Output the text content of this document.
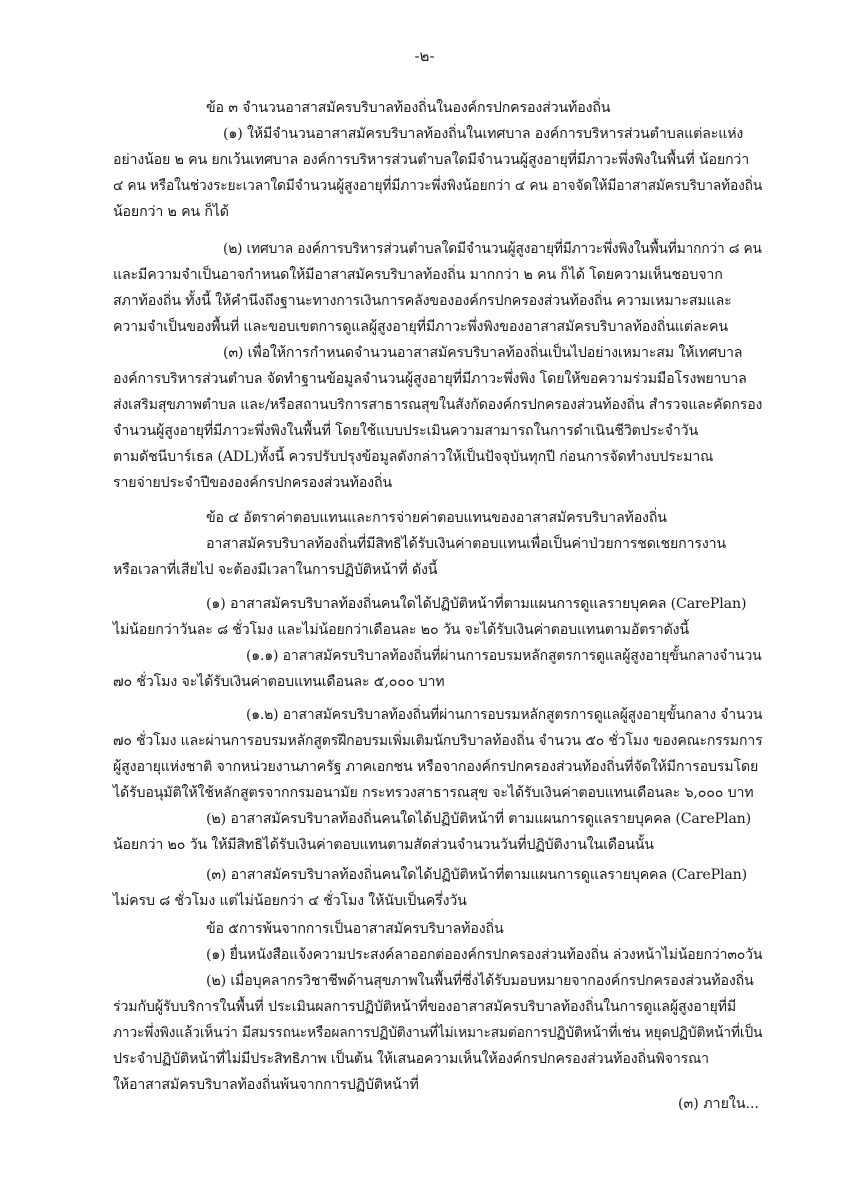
-๒-
ข้อ ๓ จำนวนอาสาสมัครบริบาลท้องถิ่นในองค์กรปกครองส่วนท้องถิ่น
(๑) ให้มีจำนวนอาสาสมัครบริบาลท้องถิ่นในเทศบาล องค์การบริหารส่วนตำบลแต่ละแห่ง
อย่างน้อย ๒ คน ยกเว้นเทศบาล องค์การบริหารส่วนตำบลใดมีจำนวนผู้สูงอายุที่มีภาวะพึ่งพิงในพื้นที่ น้อยกว่า
๔ คน หรือในช่วงระยะเวลาใดมีจำนวนผู้สูงอายุที่มีภาวะพึ่งพิงน้อยกว่า ๔ คน อาจจัดให้มีอาสาสมัครบริบาลท้องถิ่น
น้อยกว่า ๒ คน ก็ได้
(๒) เทศบาล องค์การบริหารส่วนตำบลใดมีจำนวนผู้สูงอายุที่มีภาวะพึ่งพิงในพื้นที่มากกว่า ๘ คน
และมีความจำเป็นอาจกำหนดให้มีอาสาสมัครบริบาลท้องถิ่น มากกว่า ๒ คน ก็ได้ โดยความเห็นชอบจาก
สภาท้องถิ่น ทั้งนี้ ให้คำนึงถึงฐานะทางการเงินการคลังขององค์กรปกครองส่วนท้องถิ่น ความเหมาะสมและ
ความจำเป็นของพื้นที่ และขอบเขตการดูแลผู้สูงอายุที่มีภาวะพึ่งพิงของอาสาสมัครบริบาลท้องถิ่นแต่ละคน
(๓) เพื่อให้การกำหนดจำนวนอาสาสมัครบริบาลท้องถิ่นเป็นไปอย่างเหมาะสม ให้เทศบาล
องค์การบริหารส่วนตำบล จัดทำฐานข้อมูลจำนวนผู้สูงอายุที่มีภาวะพึ่งพิง โดยให้ขอความร่วมมือโรงพยาบาล
ส่งเสริมสุขภาพตำบล และ/หรือสถานบริการสาธารณสุขในสังกัดองค์กรปกครองส่วนท้องถิ่น สำรวจและคัดกรอง
จำนวนผู้สูงอายุที่มีภาวะพึ่งพิงในพื้นที่ โดยใช้แบบประเมินความสามารถในการดำเนินชีวิตประจำวัน
ตามดัชนีบาร์เธล (ADL)ทั้งนี้ ควรปรับปรุงข้อมูลดังกล่าวให้เป็นปัจจุบันทุกปี ก่อนการจัดทำงบประมาณ
รายจ่ายประจำปีขององค์กรปกครองส่วนท้องถิ่น
ข้อ ๔ อัตราค่าตอบแทนและการจ่ายค่าตอบแทนของอาสาสมัครบริบาลท้องถิ่น
อาสาสมัครบริบาลท้องถิ่นที่มีสิทธิได้รับเงินค่าตอบแทนเพื่อเป็นค่าป่วยการชดเชยการงาน
หรือเวลาที่เสียไป จะต้องมีเวลาในการปฏิบัติหน้าที่ ดังนี้
(๑) อาสาสมัครบริบาลท้องถิ่นคนใดได้ปฏิบัติหน้าที่ตามแผนการดูแลรายบุคคล (CarePlan)
ไม่น้อยกว่าวันละ ๘ ชั่วโมง และไม่น้อยกว่าเดือนละ ๒๐ วัน จะได้รับเงินค่าตอบแทนตามอัตราดังนี้
(๑.๑) อาสาสมัครบริบาลท้องถิ่นที่ผ่านการอบรมหลักสูตรการดูแลผู้สูงอายุขั้นกลางจำนวน
๗๐ ชั่วโมง จะได้รับเงินค่าตอบแทนเดือนละ ๕,๐๐๐ บาท
(๑.๒) อาสาสมัครบริบาลท้องถิ่นที่ผ่านการอบรมหลักสูตรการดูแลผู้สูงอายุขั้นกลาง จำนวน
๗๐ ชั่วโมง และผ่านการอบรมหลักสูตรฝึกอบรมเพิ่มเติมนักบริบาลท้องถิ่น จำนวน ๕๐ ชั่วโมง ของคณะกรรมการ
ผู้สูงอายุแห่งชาติ จากหน่วยงานภาครัฐ ภาคเอกชน หรือจากองค์กรปกครองส่วนท้องถิ่นที่จัดให้มีการอบรมโดย
ได้รับอนุมัติให้ใช้หลักสูตรจากกรมอนามัย กระทรวงสาธารณสุข จะได้รับเงินค่าตอบแทนเดือนละ ๖,๐๐๐ บาท
(๒) อาสาสมัครบริบาลท้องถิ่นคนใดได้ปฏิบัติหน้าที่ ตามแผนการดูแลรายบุคคล (CarePlan)
น้อยกว่า ๒๐ วัน ให้มีสิทธิได้รับเงินค่าตอบแทนตามสัดส่วนจำนวนวันที่ปฏิบัติงานในเดือนนั้น
(๓) อาสาสมัครบริบาลท้องถิ่นคนใดได้ปฏิบัติหน้าที่ตามแผนการดูแลรายบุคคล (CarePlan)
ไม่ครบ ๘ ชั่วโมง แต่ไม่น้อยกว่า ๔ ชั่วโมง ให้นับเป็นครึ่งวัน
ข้อ ๕การพ้นจากการเป็นอาสาสมัครบริบาลท้องถิ่น
(๑) ยื่นหนังสือแจ้งความประสงค์ลาออกต่อองค์กรปกครองส่วนท้องถิ่น ล่วงหน้าไม่น้อยกว่า๓๐วัน
(๒) เมื่อบุคลากรวิชาชีพด้านสุขภาพในพื้นที่ซึ่งได้รับมอบหมายจากองค์กรปกครองส่วนท้องถิ่น
ร่วมกับผู้รับบริการในพื้นที่ ประเมินผลการปฏิบัติหน้าที่ของอาสาสมัครบริบาลท้องถิ่นในการดูแลผู้สูงอายุที่มี
ภาวะพึ่งพิงแล้วเห็นว่า มีสมรรถนะหรือผลการปฏิบัติงานที่ไม่เหมาะสมต่อการปฏิบัติหน้าที่เช่น หยุดปฏิบัติหน้าที่เป็น
ประจำปฏิบัติหน้าที่ไม่มีประสิทธิภาพ เป็นต้น ให้เสนอความเห็นให้องค์กรปกครองส่วนท้องถิ่นพิจารณา
ให้อาสาสมัครบริบาลท้องถิ่นพ้นจากการปฏิบัติหน้าที่
(๓) ภายใน...
